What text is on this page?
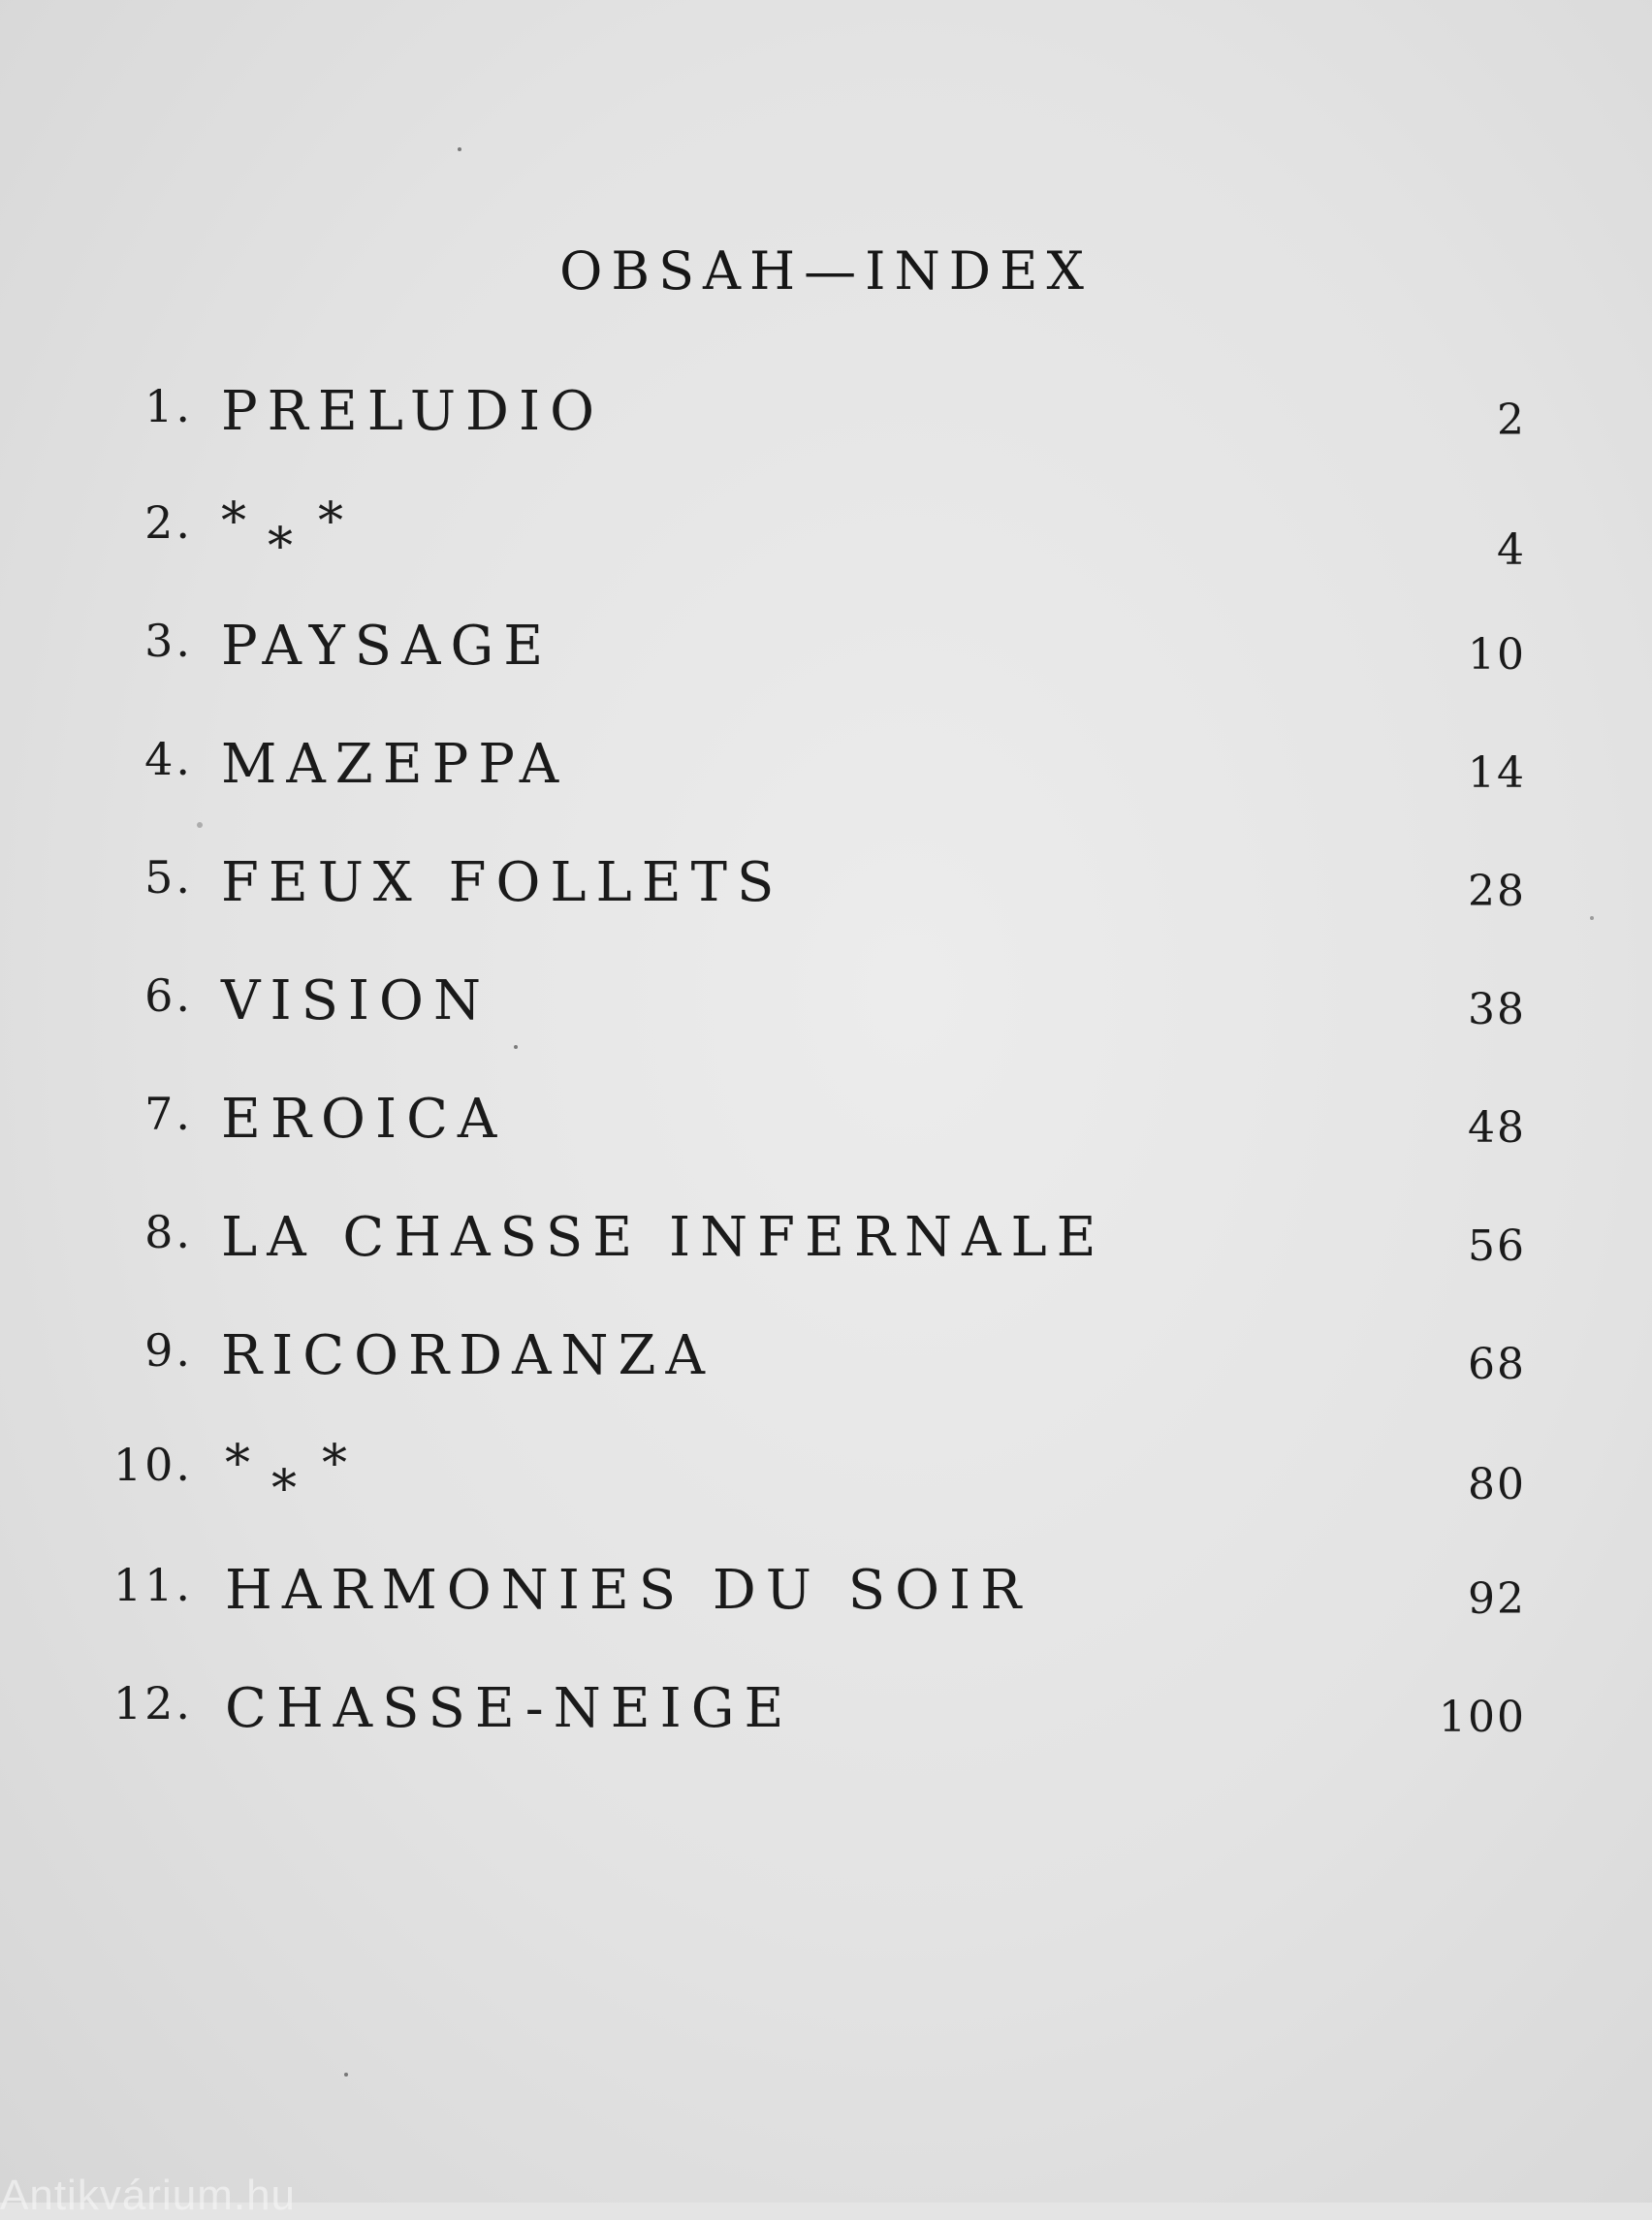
OBSAH—INDEX
1. PRELUDIO	2
2. * * *	4
3. PAYSAGE	10
4. MAZEPPA	14
5. FEUX FOLLETS	28
6. VISION	38
7. EROICA	48
8. LA CHASSE INFERNALE	56
9. RICORDANZA	68
10. * * *	80
11. HARMONIES DU SOIR	92
12. CHASSE-NEIGE	100
Antikvárium.hu
